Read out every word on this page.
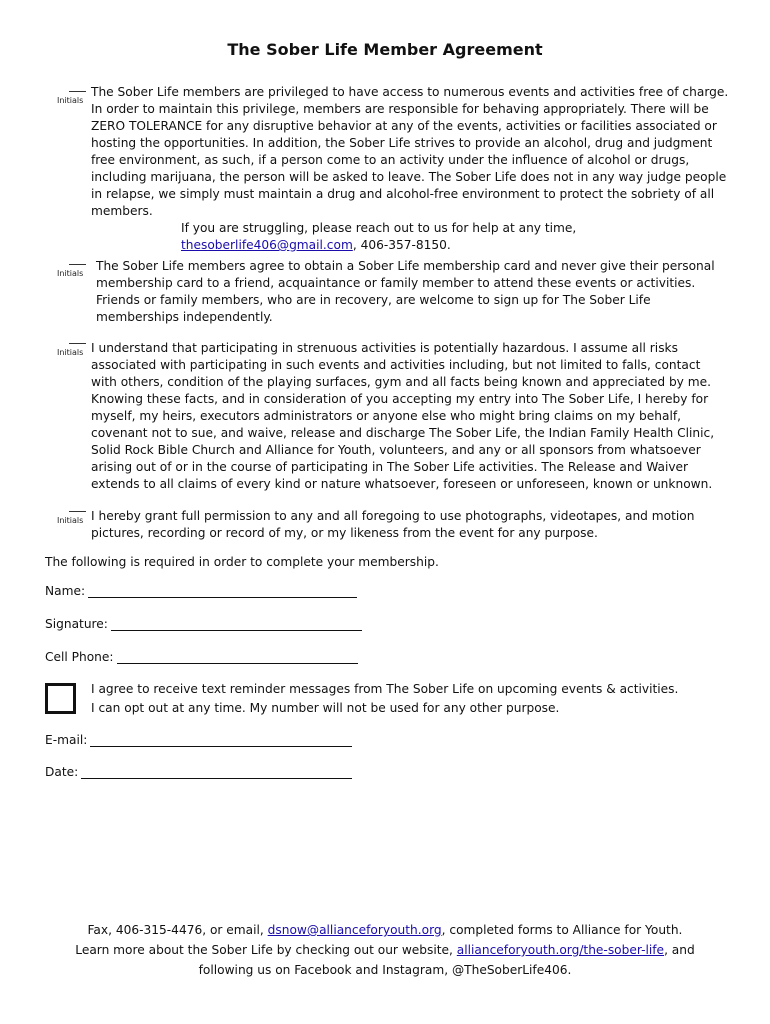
The Sober Life Member Agreement
Initials

The Sober Life members are privileged to have access to numerous events and activities free of charge.

In order to maintain this privilege, members are responsible for behaving appropriately. There will be

ZERO TOLERANCE for any disruptive behavior at any of the events, activities or facilities associated or

hosting the opportunities. In addition, the Sober Life strives to provide an alcohol, drug and judgment

free environment, as such, if a person come to an activity under the influence of alcohol or drugs,

including marijuana, the person will be asked to leave. The Sober Life does not in any way judge people

in relapse, we simply must maintain a drug and alcohol-free environment to protect the sobriety of all

members.

If you are struggling, please reach out to us for help at any time,
thesoberlife406@gmail.com, 406-357-8150.
Initials

The Sober Life members agree to obtain a Sober Life membership card and never give their personal

membership card to a friend, acquaintance or family member to attend these events or activities.

Friends or family members, who are in recovery, are welcome to sign up for The Sober Life

memberships independently.

Initials I understand that participating in strenuous activities is potentially hazardous. I assume all risks

associated with participating in such events and activities including, but not limited to falls, contact

with others, condition of the playing surfaces, gym and all facts being known and appreciated by me.

Knowing these facts, and in consideration of you accepting my entry into The Sober Life, I hereby for

myself, my heirs, executors administrators or anyone else who might bring claims on my behalf,

covenant not to sue, and waive, release and discharge The Sober Life, the Indian Family Health Clinic,

Solid Rock Bible Church and Alliance for Youth, volunteers, and any or all sponsors from whatsoever

arising out of or in the course of participating in The Sober Life activities. The Release and Waiver

extends to all claims of every kind or nature whatsoever, foreseen or unforeseen, known or unknown.

Initials I hereby grant full permission to any and all foregoing to use photographs, videotapes, and motion

pictures, recording or record of my, or my likeness from the event for any purpose.

The following is required in order to complete your membership.
Name:
Signature:
Cell Phone:
I agree to receive text reminder messages from The Sober Life on upcoming events & activities.
I can opt out at any time. My number will not be used for any other purpose.
E-mail:
Date:
Fax, 406-315-4476, or email, dsnow@allianceforyouth.org, completed forms to Alliance for Youth.
Learn more about the Sober Life by checking out our website, allianceforyouth.org/the-sober-life, and
following us on Facebook and Instagram, @TheSoberLife406.
